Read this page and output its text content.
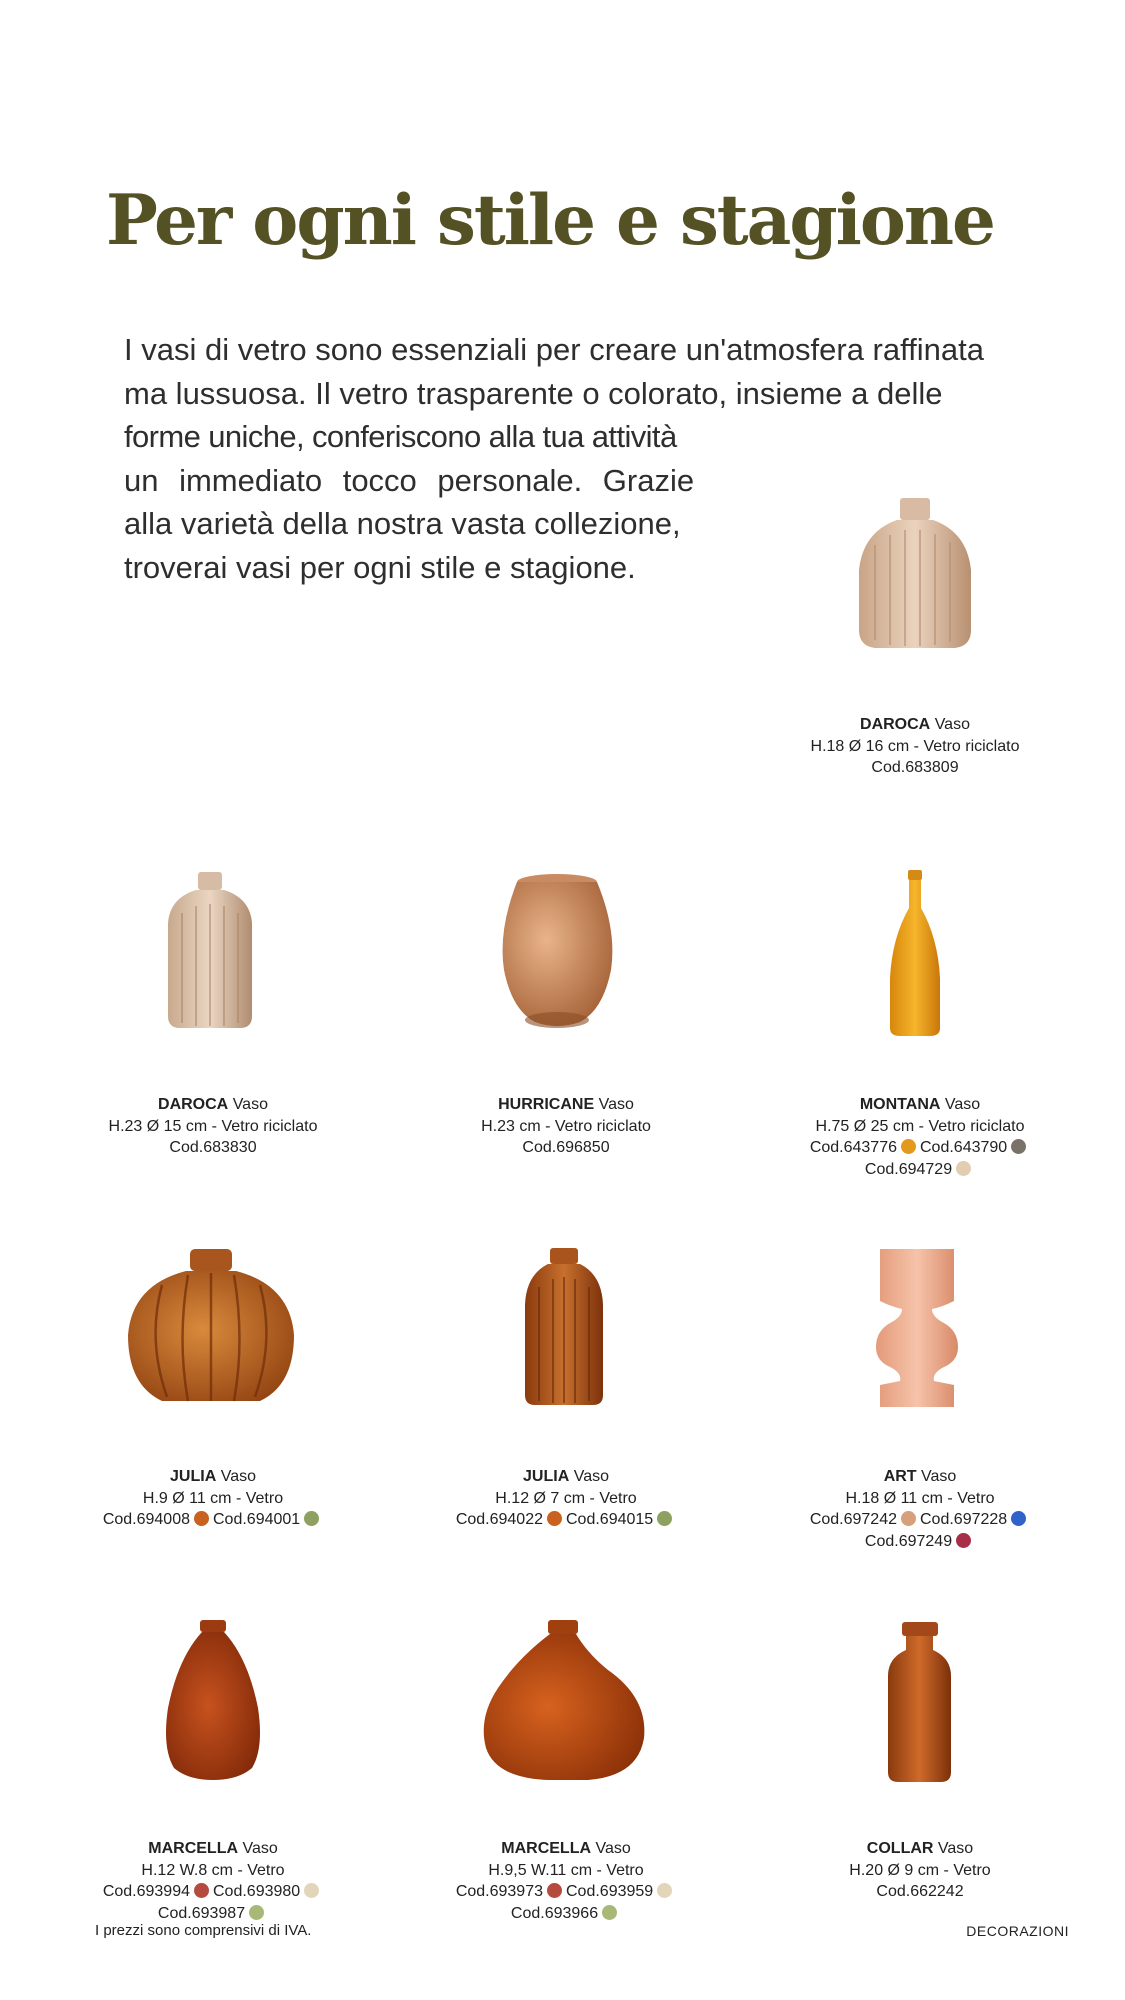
Per ogni stile e stagione
I vasi di vetro sono essenziali per creare un'atmosfera raffinata
ma lussuosa. Il vetro trasparente o colorato, insieme a delle
forme uniche, conferiscono alla tua attività
un immediato tocco personale. Grazie
alla varietà della nostra vasta collezione,
troverai vasi per ogni stile e stagione.
DAROCA Vaso
H.18 Ø 16 cm - Vetro riciclato
Cod.683809
DAROCA Vaso
H.23 Ø 15 cm - Vetro riciclato
Cod.683830
HURRICANE Vaso
H.23 cm - Vetro riciclato
Cod.696850
MONTANA Vaso
H.75 Ø 25 cm - Vetro riciclato
Cod.643776 Cod.643790
Cod.694729
JULIA Vaso
H.9 Ø 11 cm - Vetro
Cod.694008 Cod.694001
JULIA Vaso
H.12 Ø 7 cm - Vetro
Cod.694022 Cod.694015
ART Vaso
H.18 Ø 11 cm - Vetro
Cod.697242 Cod.697228
Cod.697249
MARCELLA Vaso
H.12 W.8 cm - Vetro
Cod.693994 Cod.693980
Cod.693987
MARCELLA Vaso
H.9,5 W.11 cm - Vetro
Cod.693973 Cod.693959
Cod.693966
COLLAR Vaso
H.20 Ø 9 cm - Vetro
Cod.662242
I prezzi sono comprensivi di IVA.	DECORAZIONI
